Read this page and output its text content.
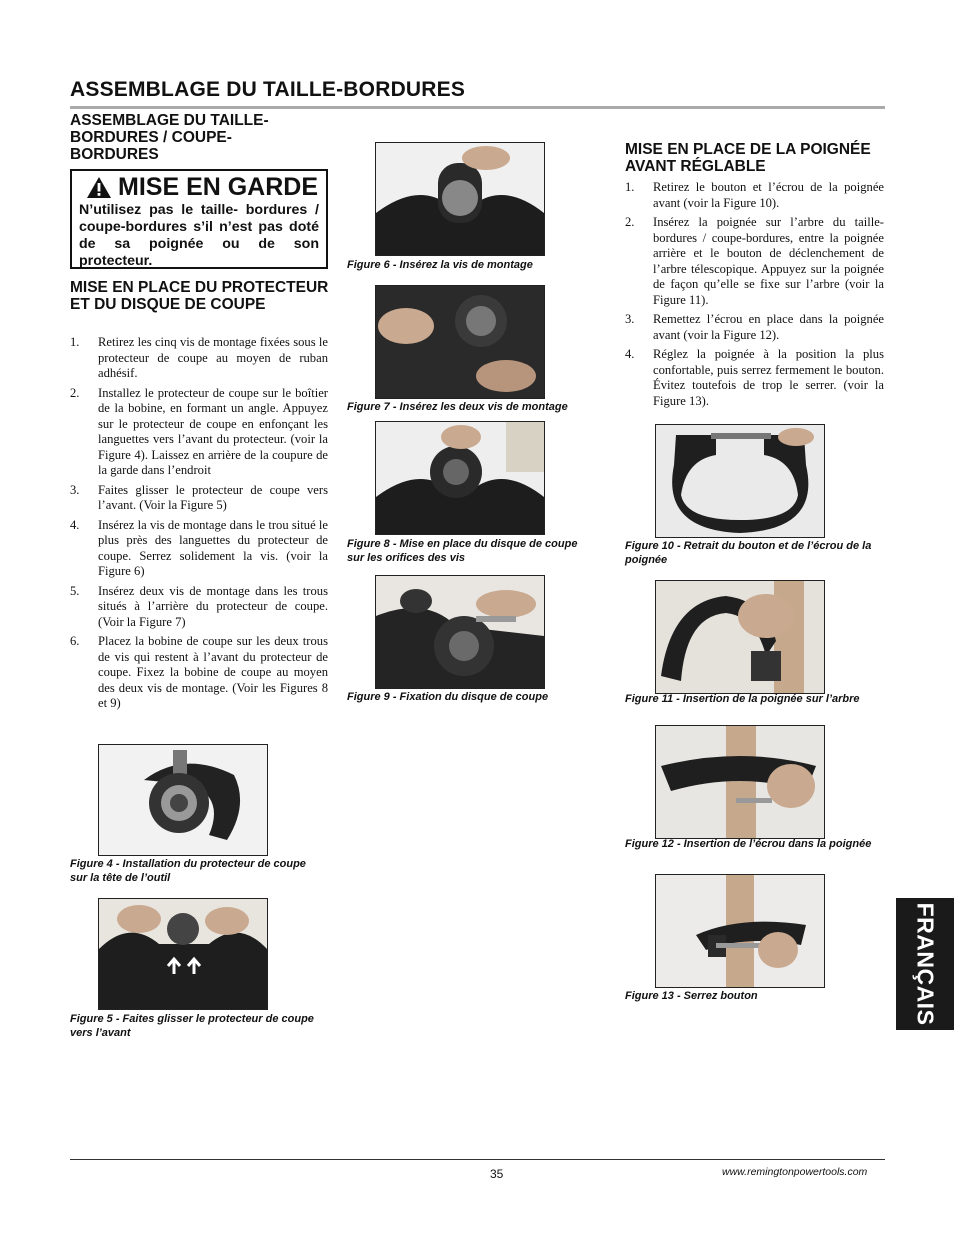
ASSEMBLAGE DU TAILLE-BORDURES
ASSEMBLAGE DU TAILLE-BORDURES / COUPE-BORDURES
MISE EN GARDE
N’utilisez pas le taille- bordures / coupe-bordures s’il n’est pas doté de sa poignée ou de son protecteur.
MISE EN PLACE DU PROTECTEUR ET DU DISQUE DE COUPE
1. Retirez les cinq vis de montage fixées sous le protecteur de coupe au moyen de ruban adhésif.
2. Installez le protecteur de coupe sur le boîtier de la bobine, en formant un angle. Appuyez sur le protecteur de coupe en enfonçant les languettes vers l’avant du protecteur. (voir la Figure 4). Laissez en arrière de la coupure de la garde dans l’endroit
3. Faites glisser le protecteur de coupe vers l’avant. (Voir la Figure 5)
4. Insérez la vis de montage dans le trou situé le plus près des languettes du protecteur de coupe. Serrez solidement la vis. (voir la Figure 6)
5. Insérez deux vis de montage dans les trous situés à l’arrière du protecteur de coupe. (Voir la Figure 7)
6. Placez la bobine de coupe sur les deux trous de vis qui restent à l’avant du protecteur de coupe. Fixez la bobine de coupe au moyen des deux vis de montage. (Voir les Figures 8 et 9)
Figure 4 - Installation du protecteur de coupe sur la tête de l’outil
Figure 5 - Faites glisser le protecteur de coupe vers l’avant
Figure 6 - Insérez la vis de montage
Figure 7 - Insérez les deux vis de montage
Figure 8 - Mise en place du disque de coupe sur les orifices des vis
Figure 9 - Fixation du disque de coupe
MISE EN PLACE DE LA POIGNÉE AVANT RÉGLABLE
1. Retirez le bouton et l’écrou de la poignée avant (voir la Figure 10).
2. Insérez la poignée sur l’arbre du taille-bordures / coupe-bordures, entre la poignée arrière et le bouton de déclenchement de l’arbre télescopique. Appuyez sur la poignée de façon qu’elle se fixe sur l’arbre (voir la Figure 11).
3. Remettez l’écrou en place dans la poignée avant (voir la Figure 12).
4. Réglez la poignée à la position la plus confortable, puis serrez fermement le bouton. Évitez toutefois de trop le serrer. (voir la Figure 13).
Figure 10 - Retrait du bouton et de l’écrou de la poignée
Figure 11 - Insertion de la poignée sur l’arbre
Figure 12 - Insertion de l’écrou dans la poignée
Figure 13 - Serrez bouton	FRANÇAIS
35	www.remingtonpowertools.com
